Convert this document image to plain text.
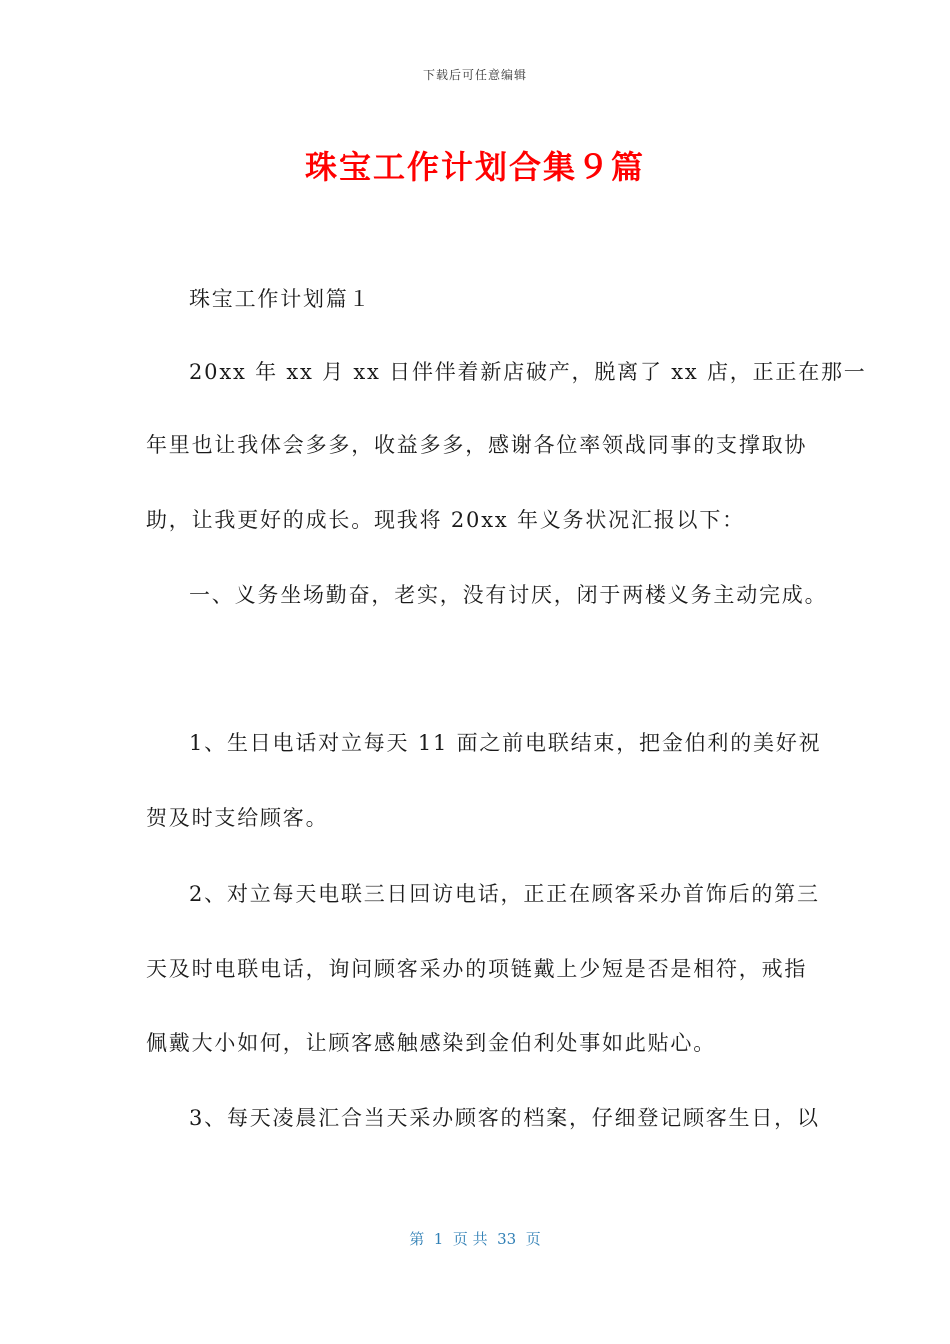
下载后可任意编辑
珠宝工作计划合集９篇
珠宝工作计划篇１
20xx 年 xx 月 xx 日伴伴着新店破产，脱离了 xx 店，正正在那一
年里也让我体会多多，收益多多，感谢各位率领战同事的支撑取协
助，让我更好的成长。现我将 20xx 年义务状况汇报以下：
一、义务坐场勤奋，老实，没有讨厌，闭于两楼义务主动完成。
1、生日电话对立每天 11 面之前电联结束，把金伯利的美好祝
贺及时支给顾客。
2、对立每天电联三日回访电话，正正在顾客采办首饰后的第三
天及时电联电话，询问顾客采办的项链戴上少短是否是相符，戒指
佩戴大小如何，让顾客感触感染到金伯利处事如此贴心。
3、每天凌晨汇合当天采办顾客的档案，仔细登记顾客生日，以
第  1  页 共  33  页
